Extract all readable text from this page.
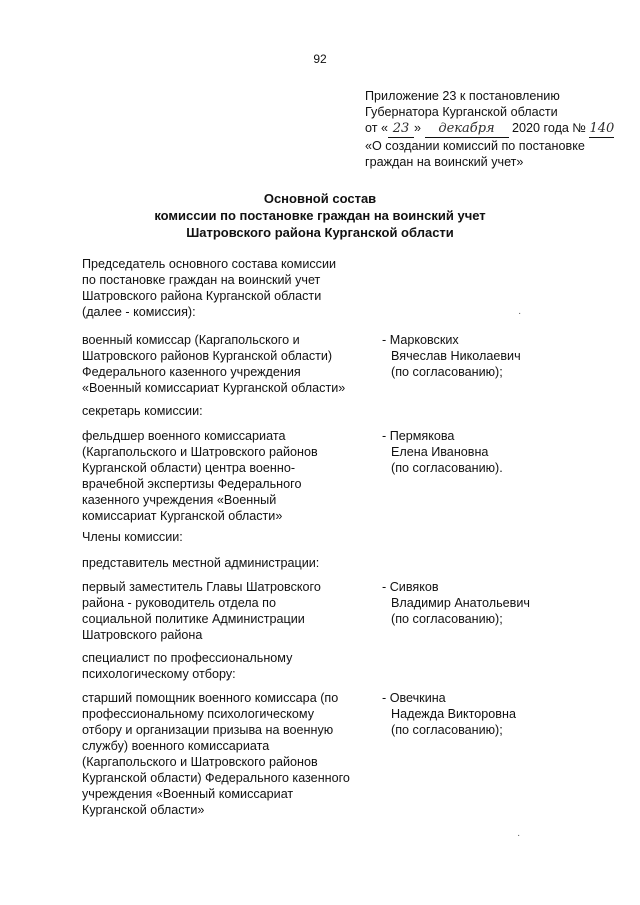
92
Приложение 23 к постановлению
Губернатора Курганской области
от « 23 » декабря 2020 года № 140
«О создании комиссий по постановке
граждан на воинский учет»
Основной состав
комиссии по постановке граждан на воинский учет
Шатровского района Курганской области
Председатель основного состава комиссии
по постановке граждан на воинский учет
Шатровского района Курганской области
(далее - комиссия):
военный комиссар (Каргапольского и
Шатровского районов Курганской области)
Федерального казенного учреждения
«Военный комиссариат Курганской области»
- Марковских
Вячеслав Николаевич
(по согласованию);
секретарь комиссии:
фельдшер военного комиссариата
(Каргапольского и Шатровского районов
Курганской области) центра военно-
врачебной экспертизы Федерального
казенного учреждения «Военный
комиссариат Курганской области»
- Пермякова
Елена Ивановна
(по согласованию).
Члены комиссии:
представитель местной администрации:
первый заместитель Главы Шатровского
района - руководитель отдела по
социальной политике Администрации
Шатровского района
- Сивяков
Владимир Анатольевич
(по согласованию);
специалист по профессиональному
психологическому отбору:
старший помощник военного комиссара (по
профессиональному психологическому
отбору и организации призыва на военную
службу) военного комиссариата
(Каргапольского и Шатровского районов
Курганской области) Федерального казенного
учреждения «Военный комиссариат
Курганской области»
- Овечкина
Надежда Викторовна
(по согласованию);
·
·
